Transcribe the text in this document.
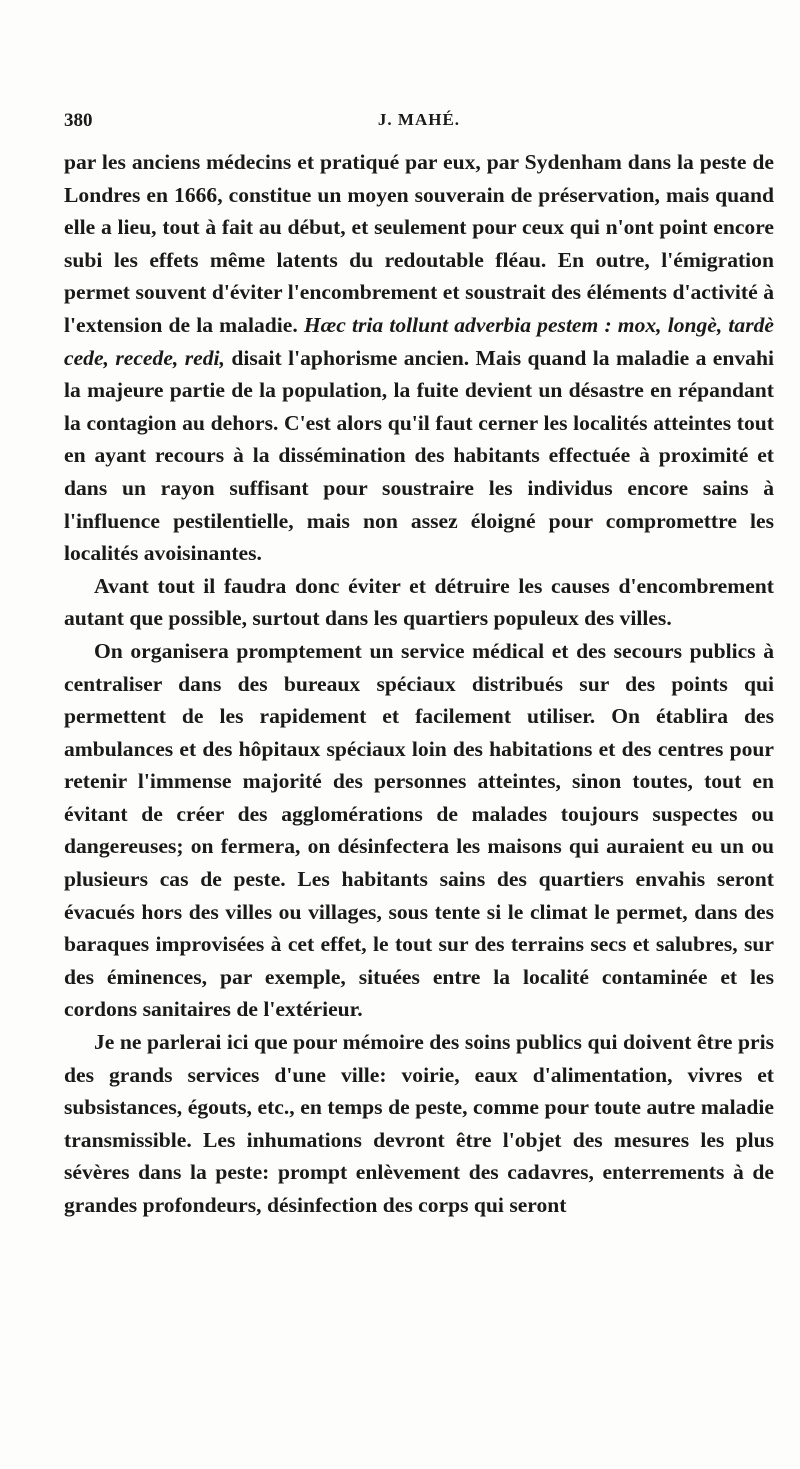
380	J. MAHÉ.

par les anciens médecins et pratiqué par eux, par Sydenham dans la peste de Londres en 1666, constitue un moyen souverain de préservation, mais quand elle a lieu, tout à fait au début, et seulement pour ceux qui n'ont point encore subi les effets même latents du redoutable fléau. En outre, l'émigration permet souvent d'éviter l'encombrement et soustrait des éléments d'activité à l'extension de la maladie. Hæc tria tollunt adverbia pestem : mox, longè, tardè cede, recede, redi, disait l'aphorisme ancien. Mais quand la maladie a envahi la majeure partie de la population, la fuite devient un désastre en répandant la contagion au dehors. C'est alors qu'il faut cerner les localités atteintes tout en ayant recours à la dissémination des habitants effectuée à proximité et dans un rayon suffisant pour soustraire les individus encore sains à l'influence pestilentielle, mais non assez éloigné pour compromettre les localités avoisinantes.

Avant tout il faudra donc éviter et détruire les causes d'encombrement autant que possible, surtout dans les quartiers populeux des villes.

On organisera promptement un service médical et des secours publics à centraliser dans des bureaux spéciaux distribués sur des points qui permettent de les rapidement et facilement utiliser. On établira des ambulances et des hôpitaux spéciaux loin des habitations et des centres pour retenir l'immense majorité des personnes atteintes, sinon toutes, tout en évitant de créer des agglomérations de malades toujours suspectes ou dangereuses; on fermera, on désinfectera les maisons qui auraient eu un ou plusieurs cas de peste. Les habitants sains des quartiers envahis seront évacués hors des villes ou villages, sous tente si le climat le permet, dans des baraques improvisées à cet effet, le tout sur des terrains secs et salubres, sur des éminences, par exemple, situées entre la localité contaminée et les cordons sanitaires de l'extérieur.

Je ne parlerai ici que pour mémoire des soins publics qui doivent être pris des grands services d'une ville: voirie, eaux d'alimentation, vivres et subsistances, égouts, etc., en temps de peste, comme pour toute autre maladie transmissible. Les inhumations devront être l'objet des mesures les plus sévères dans la peste: prompt enlèvement des cadavres, enterrements à de grandes profondeurs, désinfection des corps qui seront
